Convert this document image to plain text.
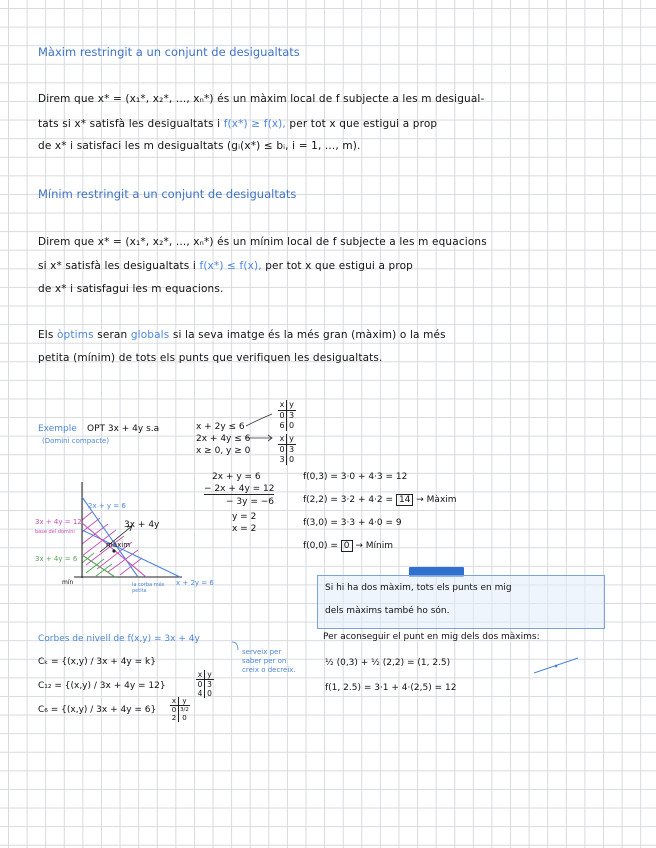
Màxim restringit a un conjunt de desigualtats
Direm que x* = (x₁*, x₂*, ..., xₙ*) és un màxim local de f subjecte a les m desigual-
tats si x* satisfà les desigualtats i f(x*) ≥ f(x), per tot x que estigui a prop
de x* i satisfaci les m desigualtats (gᵢ(x*) ≤ bᵢ, i = 1, ..., m).
Mínim restringit a un conjunt de desigualtats
Direm que x* = (x₁*, x₂*, ..., xₙ*) és un mínim local de f subjecte a les m equacions
si x* satisfà les desigualtats i f(x*) ≤ f(x), per tot x que estigui a prop
de x* i satisfagui les m equacions.
Els òptims seran globals si la seva imatge és la més gran (màxim) o la més
petita (mínim) de tots els punts que verifiquen les desigualtats.
Exemple
(Domini compacte)
OPT 3x + 4y s.a	x + 2y ≤ 6
2x + 4y ≤ 6
x ≥ 0, y ≥ 0
x y
0 3
6 0
x y
0 3
3 0
2x + y = 6
− 2x + 4y = 12
− 3y = −6
y = 2
x = 2
f(0,3) = 3·0 + 4·3 = 12
f(2,2) = 3·2 + 4·2 = 14 → Màxim
f(3,0) = 3·3 + 4·0 = 9
f(0,0) = 0 → Mínim
2x + y = 6
3x + 4y
màxim
3x + 4y = 12
3x + 4y = 6
x + 2y = 6
base del domini
la corba més petita
mín
Si hi ha dos màxim, tots els punts en mig
dels màxims també ho són.
Per aconseguir el punt en mig dels dos màxims:
½ (0,3) + ½ (2,2) = (1, 2.5)
f(1, 2.5) = 3·1 + 4·(2,5) = 12
Corbes de nivell de f(x,y) = 3x + 4y
Cₖ = {(x,y) / 3x + 4y = k}
C₁₂ = {(x,y) / 3x + 4y = 12}
C₆ = {(x,y) / 3x + 4y = 6}
x y
0 3
4 0
x y
0 3/2
2 0
serveix per saber per on creix o decreix.
